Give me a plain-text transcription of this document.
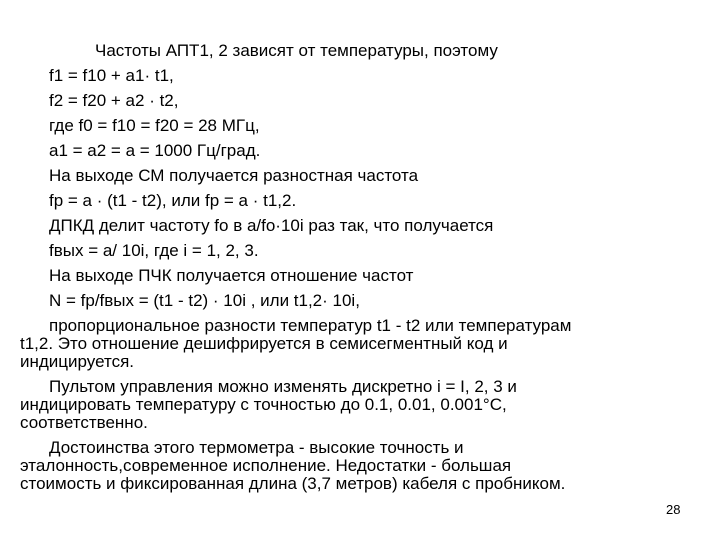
Частоты АПТ1, 2 зависят от температуры, поэтому
f1 = f10 + a1· t1,
f2 = f20 + a2 · t2,
где f0 = f10 = f20 = 28 МГц,
a1 = a2 = a = 1000 Гц/град.
На выходе СМ получается разностная частота
fр = a · (t1 - t2), или fр = a · t1,2.
ДПКД делит частоту fо в a/fо·10i раз так, что получается
fвых = a/ 10i, где i = 1, 2, 3.
На выходе ПЧК получается отношение частот
N = fр/fвых = (t1 - t2) · 10i , или t1,2· 10i,
пропорциональное разности температур t1 - t2 или температурам
t1,2. Это отношение дешифрируется в семисегментный код и
индицируется.
Пультом управления можно изменять дискретно i = I, 2, 3 и
индицировать температуру с точностью до 0.1, 0.01, 0.001°C,
соответственно.
Достоинства этого термометра - высокие точность и
эталонность,современное исполнение. Недостатки - большая
стоимость и фиксированная длина (3,7 метров) кабеля с пробником.
28
